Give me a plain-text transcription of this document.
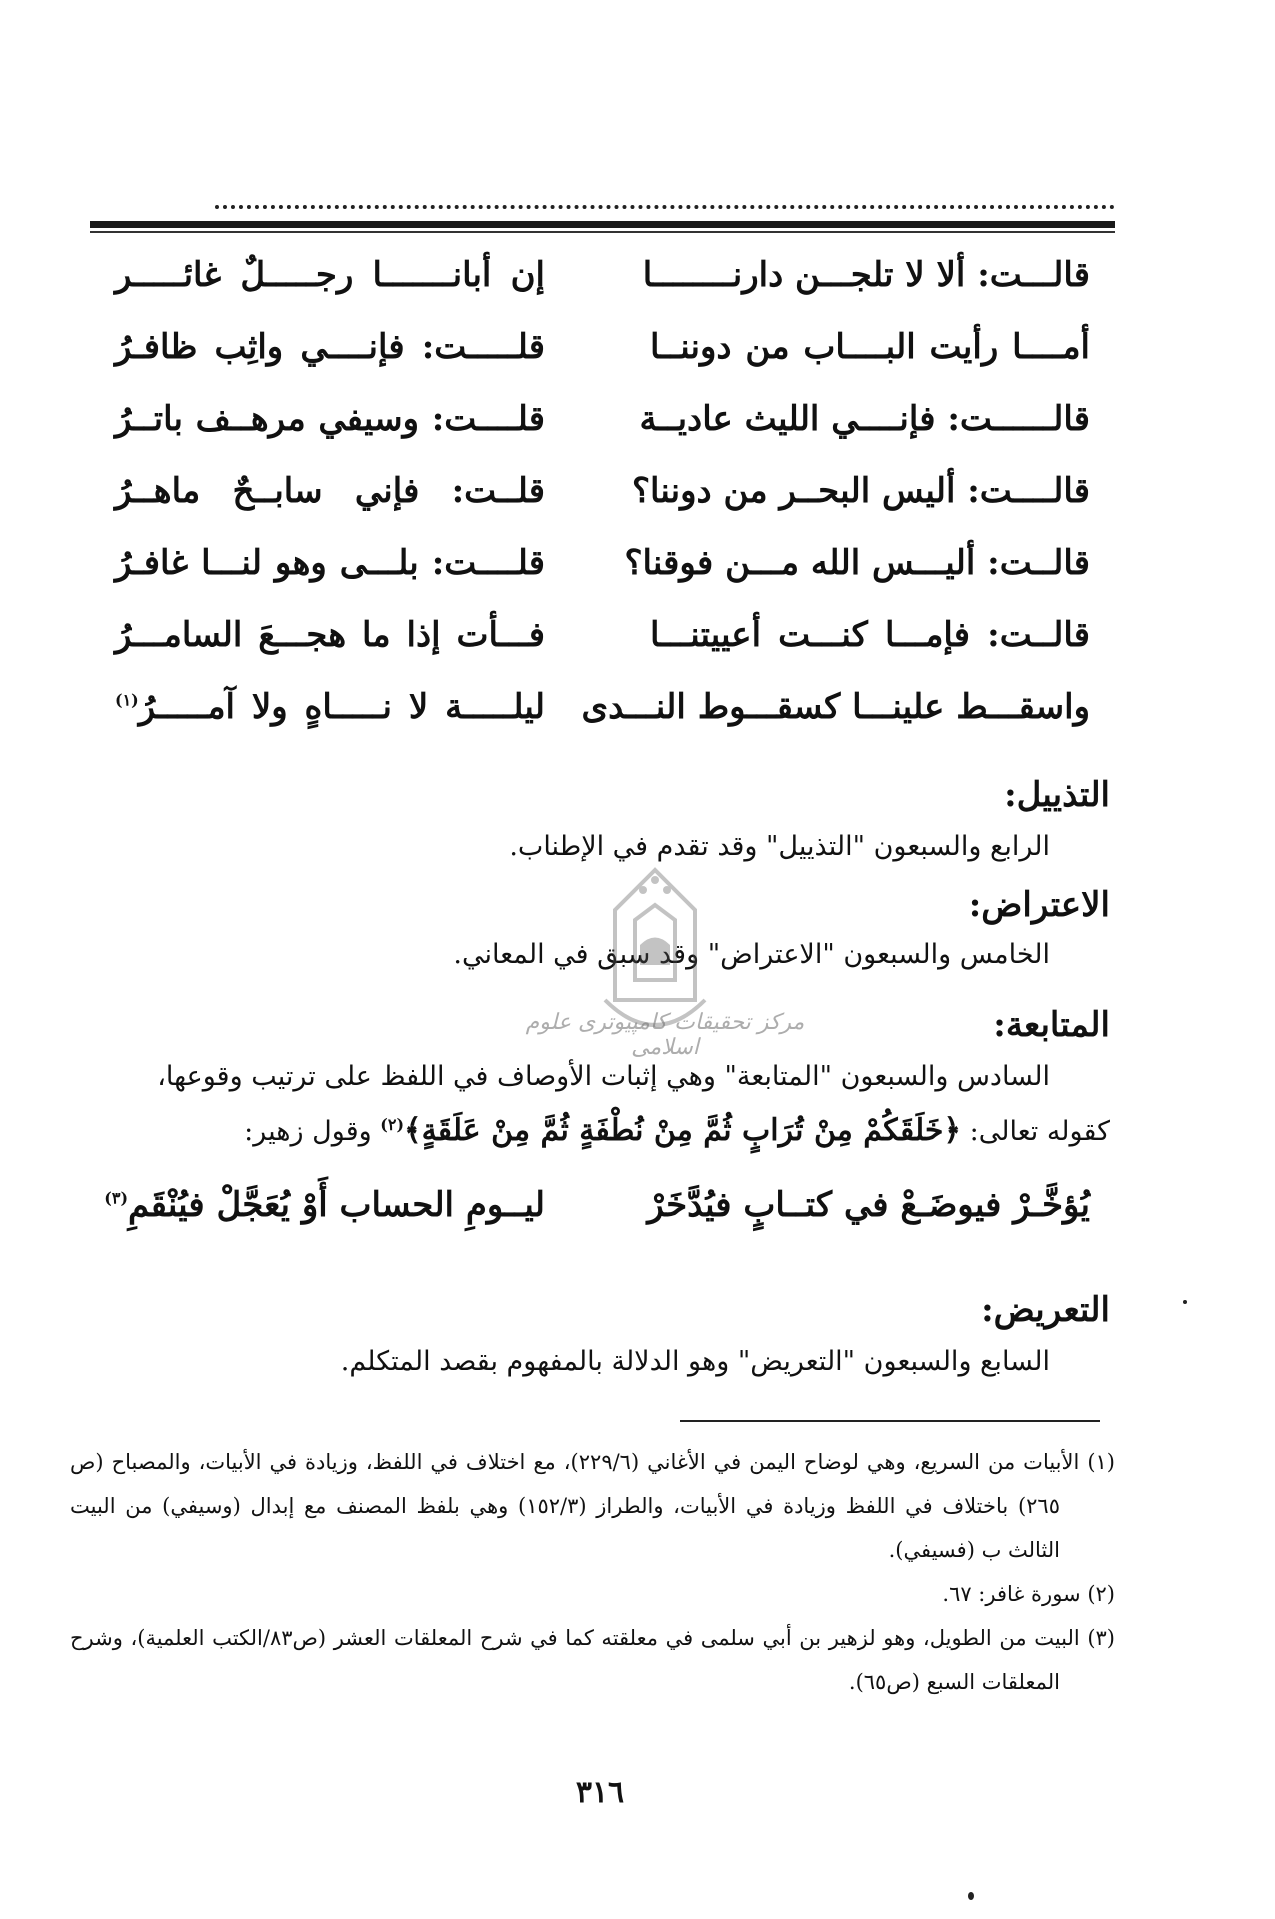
قالـــت: ألا لا تلجـــن دارنــــــــا
إن أبانـــــــا رجـــــلٌ غائـــــر
أمــــا رأيت البــــاب من دوننــا
قلـــــت: فإنــــي واثِب ظافـرُ
قالــــــت: فإنــــي الليث عاديــة
قلــــت: وسيفي مرهــف باتــرُ
قالــــت: أليس البحــر من دوننا؟
قلــت: فإني سابــحٌ ماهــرُ
قالــت: أليـــس الله مـــن فوقنا؟
قلــــت: بلـــى وهو لنـــا غافـرُ
قالــت: فإمـــا كنـــت أعييتنـــا
فـــأت إذا ما هجـــعَ السامـــرُ
واسقـــط علينـــا كسقـــوط النـــدى
ليلـــــة لا نـــــاهٍ ولا آمـــــرُ$^{(١)}$
التذييل:
الرابع والسبعون "التذييل" وقد تقدم في الإطناب.
الاعتراض:
الخامس والسبعون "الاعتراض" وقد سبق في المعاني.
المتابعة:
السادس والسبعون "المتابعة" وهي إثبات الأوصاف في اللفظ على ترتيب وقوعها،
كقوله تعالى: ﴿خَلَقَكُمْ مِنْ تُرَابٍ ثُمَّ مِنْ نُطْفَةٍ ثُمَّ مِنْ عَلَقَةٍ﴾$^{(٢)}$ وقول زهير:
يُؤخَّـرْ فيوضَـعْ في كتــابٍ فيُدَّخَرْ
ليــومِ الحساب أَوْ يُعَجَّلْ فيُنْقَمِ$^{(٣)}$
التعريض:
السابع والسبعون "التعريض" وهو الدلالة بالمفهوم بقصد المتكلم.
(١) الأبيات من السريع، وهي لوضاح اليمن في الأغاني (٢٢٩/٦)، مع اختلاف في اللفظ، وزيادة في الأبيات، والمصباح (ص ٢٦٥) باختلاف في اللفظ وزيادة في الأبيات، والطراز (١٥٢/٣) وهي بلفظ المصنف مع إبدال (وسيفي) من البيت الثالث ب (فسيفي).
(٢) سورة غافر: ٦٧.
(٣) البيت من الطويل، وهو لزهير بن أبي سلمى في معلقته كما في شرح المعلقات العشر (ص٨٣/الكتب العلمية)، وشرح المعلقات السبع (ص٦٥).
٣١٦
مركز تحقيقات كامپيوتری علوم اسلامی
